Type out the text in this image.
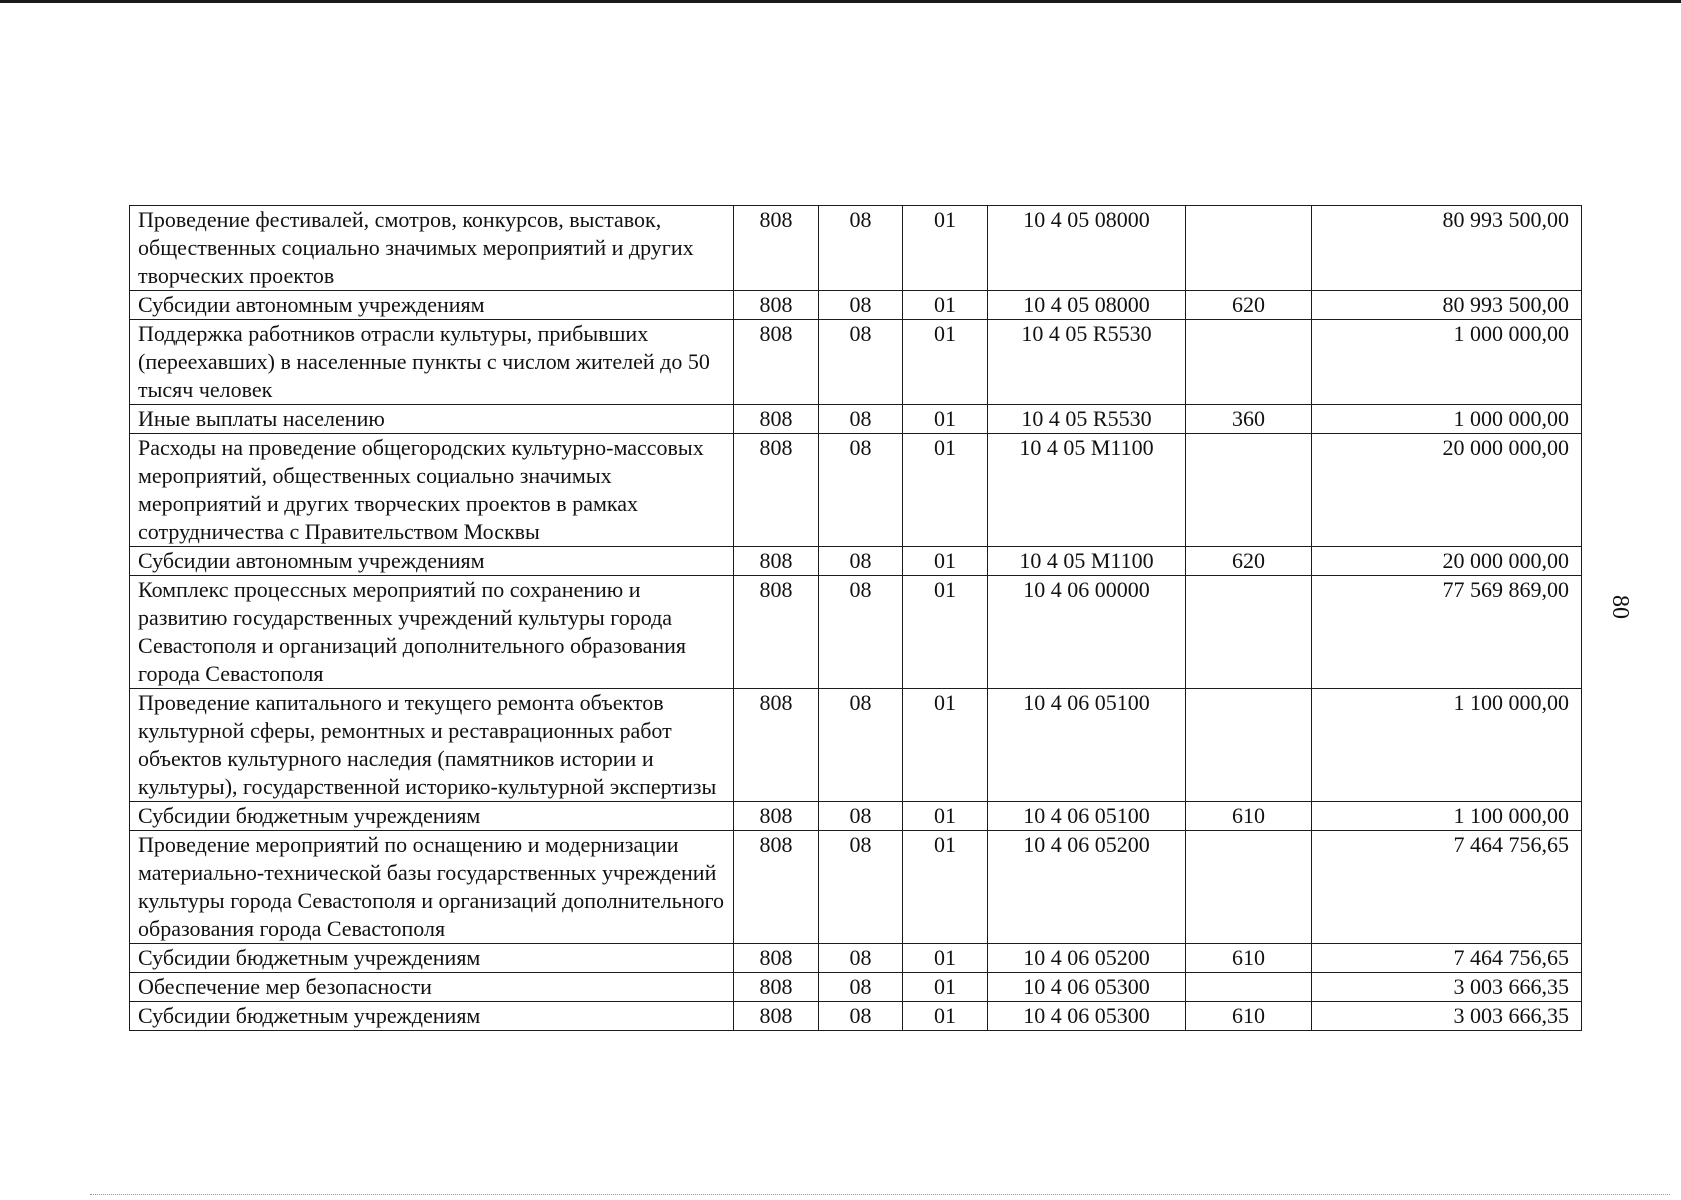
Проведение фестивалей, смотров, конкурсов, выставок, общественных социально значимых мероприятий и других творческих проектов	808	08	01	10 4 05 08000		80 993 500,00
Субсидии автономным учреждениям	808	08	01	10 4 05 08000	620	80 993 500,00
Поддержка работников отрасли культуры, прибывших (переехавших) в населенные пункты с числом жителей до 50 тысяч человек	808	08	01	10 4 05 R5530		1 000 000,00
Иные выплаты населению	808	08	01	10 4 05 R5530	360	1 000 000,00
Расходы на проведение общегородских культурно-массовых мероприятий, общественных социально значимых мероприятий и других творческих проектов в рамках сотрудничества с Правительством Москвы	808	08	01	10 4 05 M1100		20 000 000,00
Субсидии автономным учреждениям	808	08	01	10 4 05 M1100	620	20 000 000,00
Комплекс процессных мероприятий по сохранению и развитию государственных учреждений культуры города Севастополя и организаций дополнительного образования города Севастополя	808	08	01	10 4 06 00000		77 569 869,00
Проведение капитального и текущего ремонта объектов культурной сферы, ремонтных и реставрационных работ объектов культурного наследия (памятников истории и культуры), государственной историко-культурной экспертизы	808	08	01	10 4 06 05100		1 100 000,00
Субсидии бюджетным учреждениям	808	08	01	10 4 06 05100	610	1 100 000,00
Проведение мероприятий по оснащению и модернизации материально-технической базы государственных учреждений культуры города Севастополя и организаций дополнительного образования города Севастополя	808	08	01	10 4 06 05200		7 464 756,65
Субсидии бюджетным учреждениям	808	08	01	10 4 06 05200	610	7 464 756,65
Обеспечение мер безопасности	808	08	01	10 4 06 05300		3 003 666,35
Субсидии бюджетным учреждениям	808	08	01	10 4 06 05300	610	3 003 666,35
80
